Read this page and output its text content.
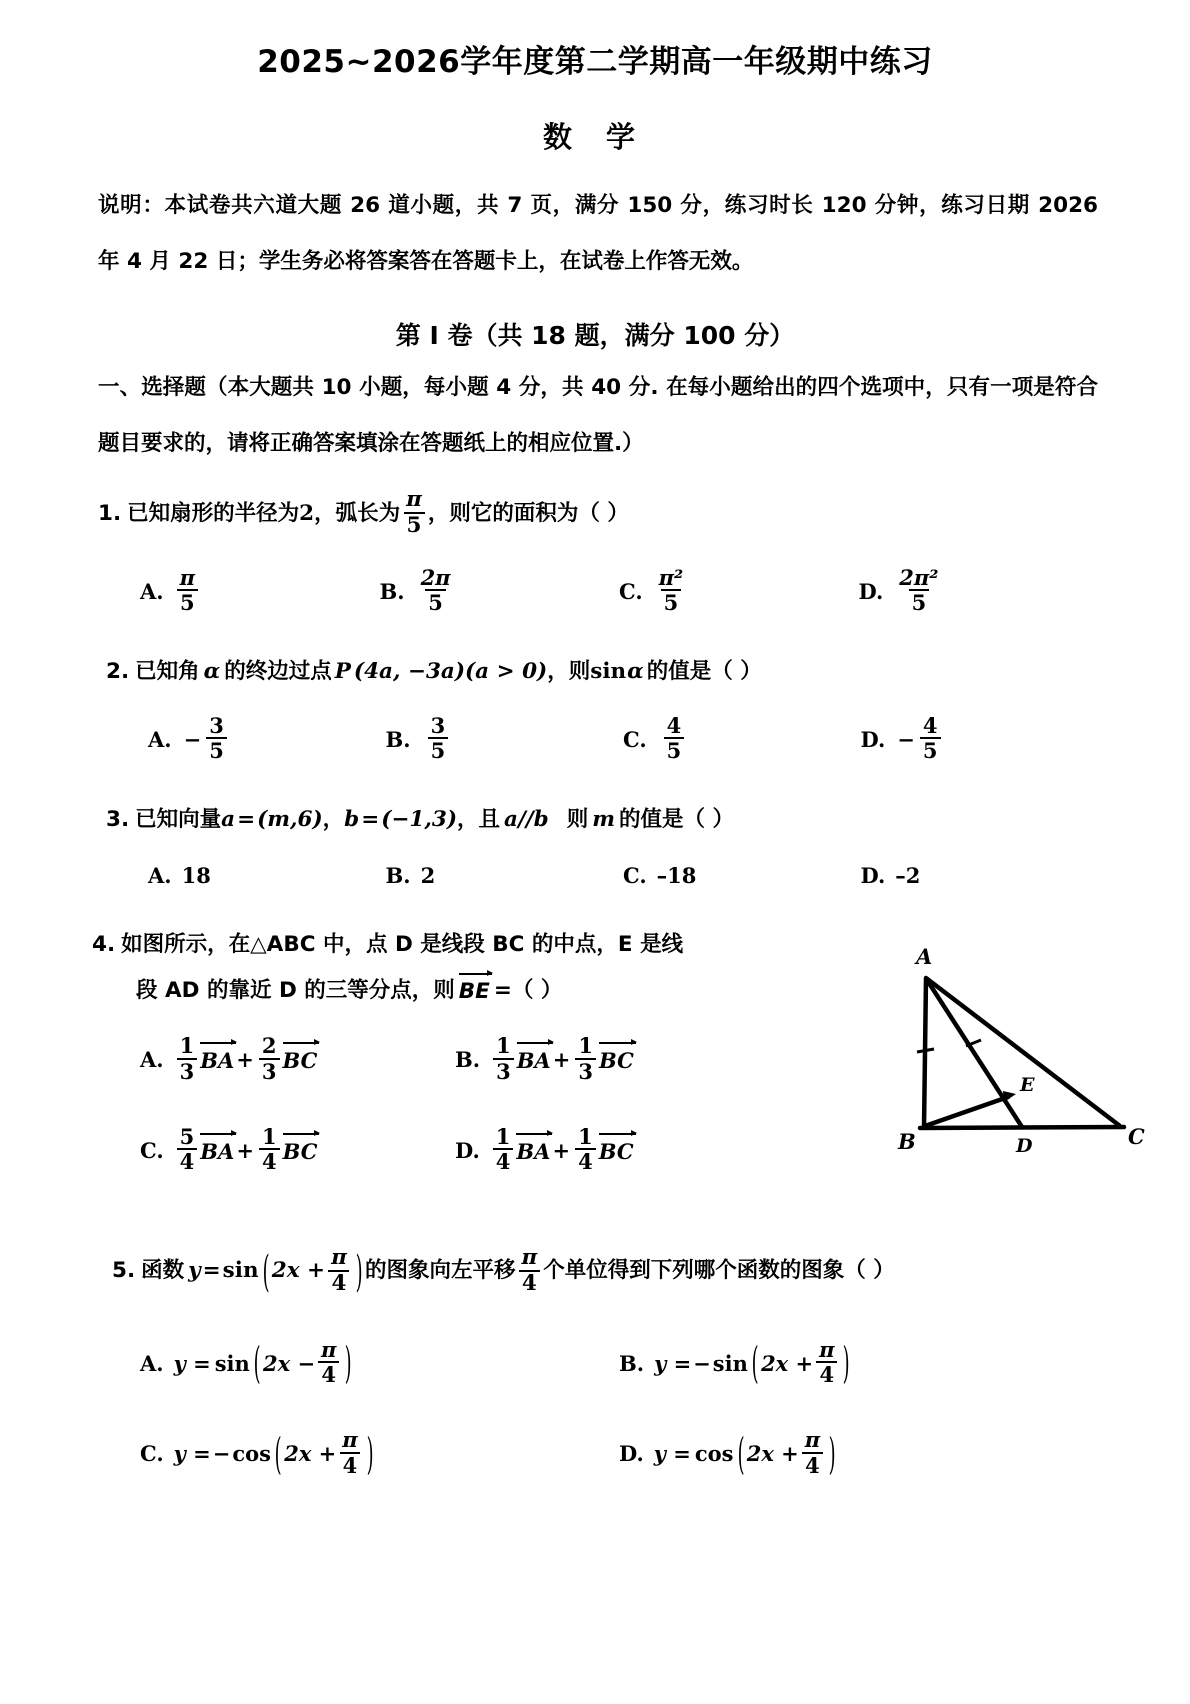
2025~2026学年度第二学期高一年级期中练习
数 学
说明：本试卷共六道大题 26 道小题，共 7 页，满分 150 分，练习时长 120 分钟，练习日期 2026 年 4 月 22 日；学生务必将答案答在答题卡上，在试卷上作答无效。
第 I 卷（共 18 题，满分 100 分）
一、选择题（本大题共 10 小题，每小题 4 分，共 40 分. 在每小题给出的四个选项中，只有一项是符合题目要求的，请将正确答案填涂在答题纸上的相应位置.）
1. 已知扇形的半径为 2 ，弧长为 $\frac{\pi}{5}$ ，则它的面积为（ ）
A. $\frac{\pi}{5}$	B. $\frac{2\pi}{5}$	C. $\frac{\text{π²}}{5}$	D. $\frac{\text{2π²}}{5}$
2. 已知角 α 的终边过点 P (4a, −3a)(a > 0) ，则 sin α 的值是（ ）
A. − $\frac{3}{5}$	B. $\frac{3}{5}$	C. $\frac{4}{5}$	D. − $\frac{4}{5}$
3. 已知向量 a = (m,6) ， b = (−1,3) ，且 a//b 则 m 的值是（ ）
A. 18	B. 2	C. –18	D. –2
4. 如图所示，在△ABC 中，点 D 是线段 BC 的中点，E 是线
段 AD 的靠近 D 的三等分点，则 BE =（ ）
A. $\frac{1}{3}$ BA + $\frac{2}{3}$ BC	B. $\frac{1}{3}$ BA + $\frac{1}{3}$ BC
C. $\frac{5}{4}$ BA + $\frac{1}{4}$ BC	D. $\frac{1}{4}$ BA + $\frac{1}{4}$ BC
A
B	C
D
E
5. 函数 y = sin ( $2x + \frac{\pi}{4}$ ) 的图象向左平移 $\frac{\pi}{4}$ 个单位得到下列哪个函数的图象（ ）
A. y = sin ( $2x - \frac{\pi}{4}$ )	B. y = − sin ( $2x + \frac{\pi}{4}$ )
C. y = − cos ( $2x + \frac{\pi}{4}$ )	D. y = cos ( $2x + \frac{\pi}{4}$ )
